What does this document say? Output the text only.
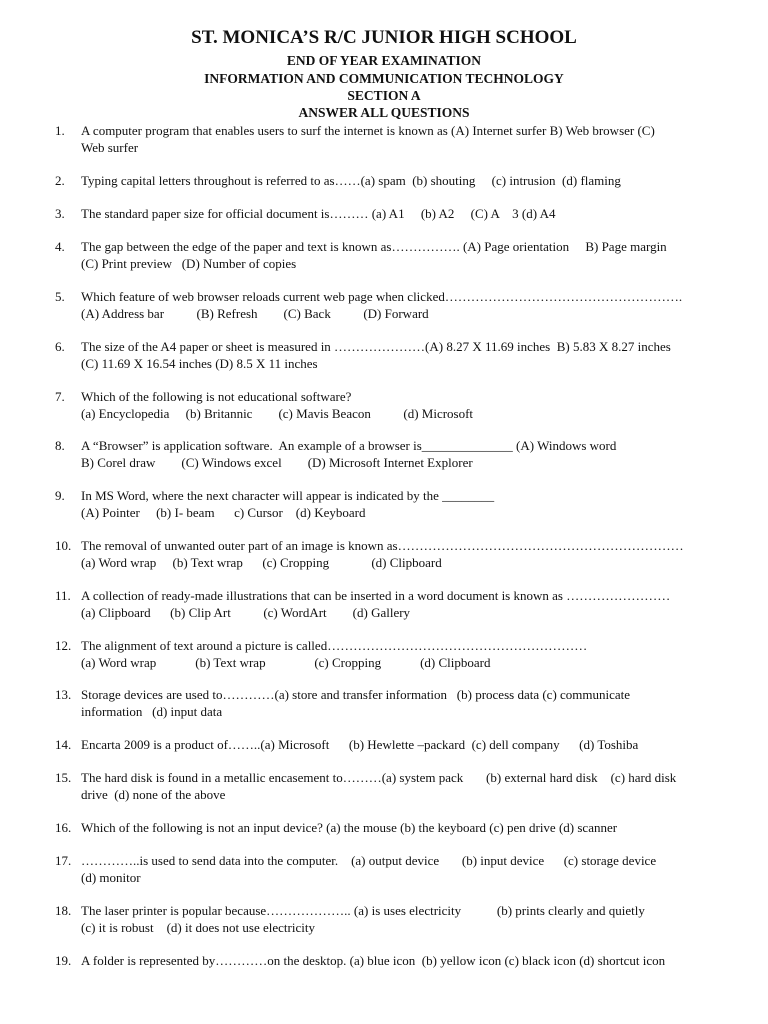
ST. MONICA’S R/C JUNIOR HIGH SCHOOL
END OF YEAR EXAMINATION
INFORMATION AND COMMUNICATION TECHNOLOGY
SECTION A
ANSWER ALL QUESTIONS
1.	A computer program that enables users to surf the internet is known as (A) Internet surfer B) Web browser (C)
Web surfer
2.	Typing capital letters throughout is referred to as……(a) spam  (b) shouting     (c) intrusion  (d) flaming
3.	The standard paper size for official document is……… (a) A1     (b) A2     (C) A    3 (d) A4
4.	The gap between the edge of the paper and text is known as……………. (A) Page orientation     B) Page margin
(C) Print preview   (D) Number of copies
5.	Which feature of web browser reloads current web page when clicked……………………………………………….
(A) Address bar          (B) Refresh        (C) Back          (D) Forward
6.	The size of the A4 paper or sheet is measured in …………………(A) 8.27 X 11.69 inches  B) 5.83 X 8.27 inches
(C) 11.69 X 16.54 inches (D) 8.5 X 11 inches
7.	Which of the following is not educational software?
(a) Encyclopedia     (b) Britannic        (c) Mavis Beacon          (d) Microsoft
8.	A “Browser” is application software.  An example of a browser is______________ (A) Windows word
B) Corel draw        (C) Windows excel        (D) Microsoft Internet Explorer
9.	In MS Word, where the next character will appear is indicated by the ________
(A) Pointer     (b) I- beam      c) Cursor    (d) Keyboard
10. The removal of unwanted outer part of an image is known as…………………………………………………………
(a) Word wrap     (b) Text wrap      (c) Cropping             (d) Clipboard
11. A collection of ready-made illustrations that can be inserted in a word document is known as ……………………
(a) Clipboard      (b) Clip Art          (c) WordArt        (d) Gallery
12. The alignment of text around a picture is called……………………………………………………
(a) Word wrap            (b) Text wrap               (c) Cropping            (d) Clipboard
13. Storage devices are used to…………(a) store and transfer information   (b) process data (c) communicate
information   (d) input data
14. Encarta 2009 is a product of……..(a) Microsoft      (b) Hewlette –packard  (c) dell company      (d) Toshiba
15. The hard disk is found in a metallic encasement to………(a) system pack       (b) external hard disk    (c) hard disk
drive  (d) none of the above
16. Which of the following is not an input device? (a) the mouse (b) the keyboard (c) pen drive (d) scanner
17. …………..is used to send data into the computer.    (a) output device       (b) input device      (c) storage device
(d) monitor
18. The laser printer is popular because……………….. (a) is uses electricity           (b) prints clearly and quietly
(c) it is robust    (d) it does not use electricity
19. A folder is represented by…………on the desktop. (a) blue icon  (b) yellow icon (c) black icon (d) shortcut icon
